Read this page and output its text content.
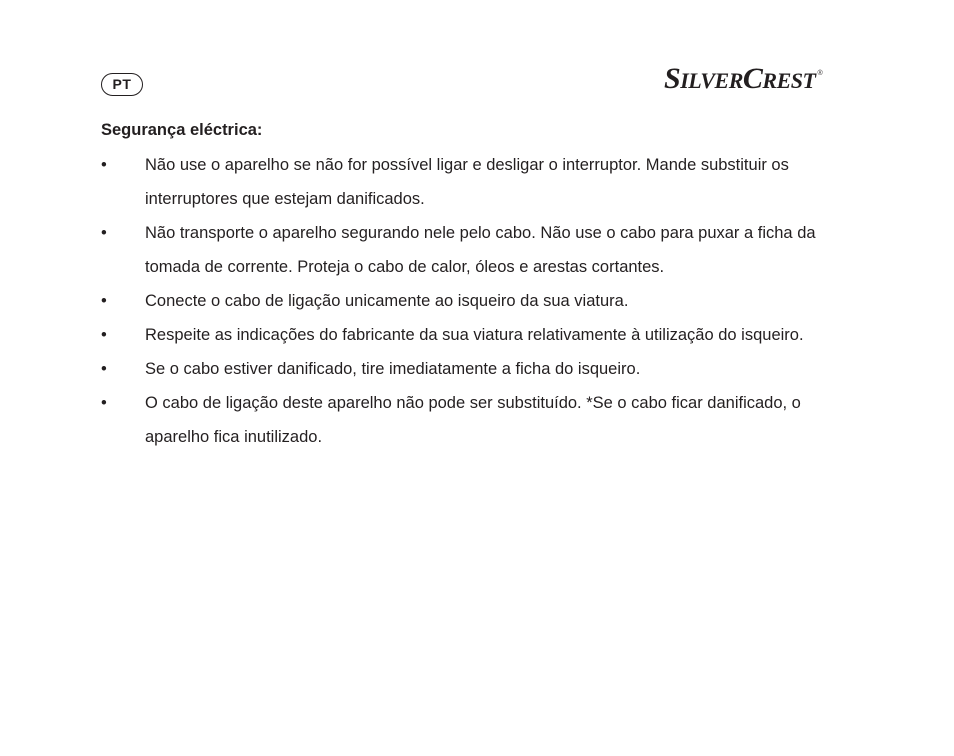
PT	SILVERCREST ®
Segurança eléctrica:
• Não use o aparelho se não for possível ligar e desligar o interruptor. Mande substituir os interruptores que estejam danificados.
• Não transporte o aparelho segurando nele pelo cabo. Não use o cabo para puxar a ficha da tomada de corrente. Proteja o cabo de calor, óleos e arestas cortantes.
• Conecte o cabo de ligação unicamente ao isqueiro da sua viatura.
• Respeite as indicações do fabricante da sua viatura relativamente à utilização do isqueiro.
• Se o cabo estiver danificado, tire imediatamente a ficha do isqueiro.
• O cabo de ligação deste aparelho não pode ser substituído. *Se o cabo ficar danificado, o aparelho fica inutilizado.
